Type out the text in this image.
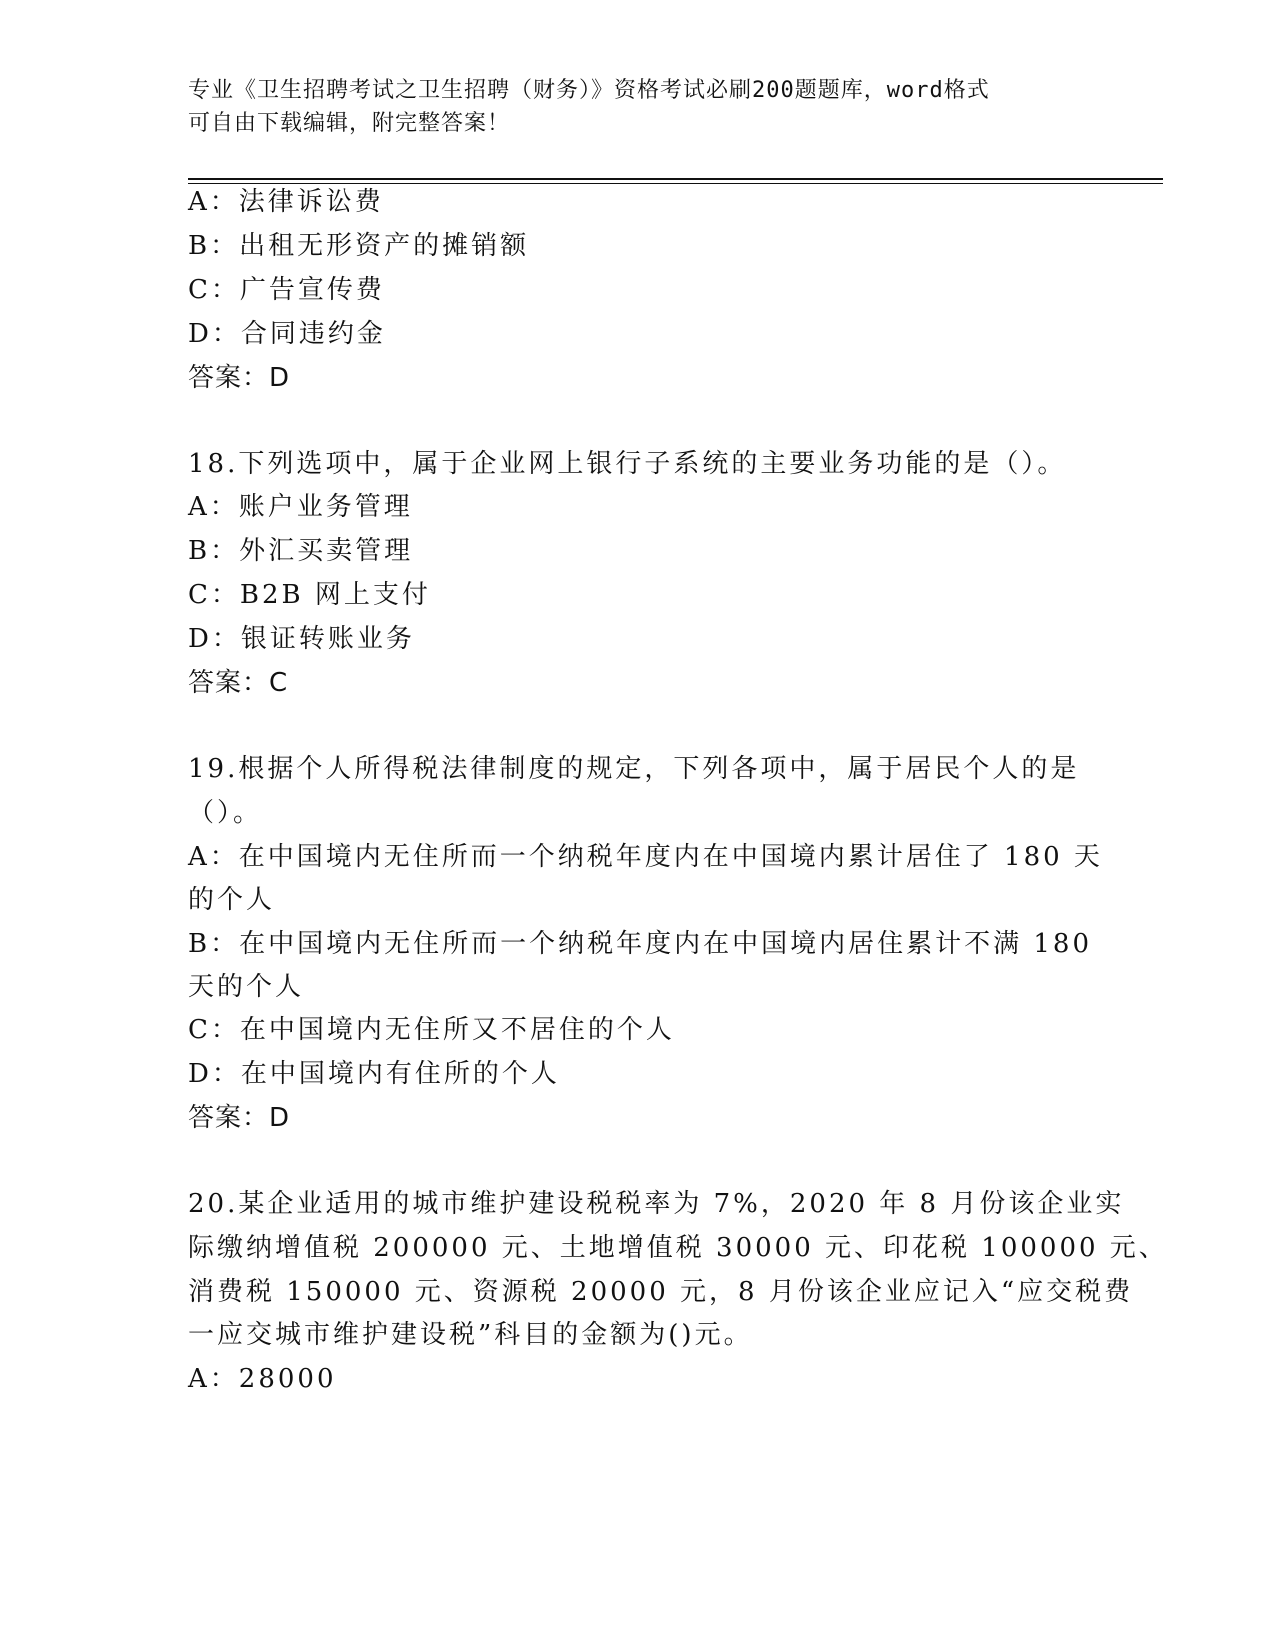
专业《卫生招聘考试之卫生招聘（财务）》资格考试必刷200题题库，word格式
可自由下载编辑，附完整答案！
A：法律诉讼费
B：出租无形资产的摊销额
C：广告宣传费
D：合同违约金
答案：D
18.下列选项中，属于企业网上银行子系统的主要业务功能的是（）。
A：账户业务管理
B：外汇买卖管理
C：B2B 网上支付
D：银证转账业务
答案：C
19.根据个人所得税法律制度的规定，下列各项中，属于居民个人的是
（）。
A：在中国境内无住所而一个纳税年度内在中国境内累计居住了 180 天
的个人
B：在中国境内无住所而一个纳税年度内在中国境内居住累计不满 180
天的个人
C：在中国境内无住所又不居住的个人
D：在中国境内有住所的个人
答案：D
20.某企业适用的城市维护建设税税率为 7%，2020 年 8 月份该企业实
际缴纳增值税 200000 元、土地增值税 30000 元、印花税 100000 元、
消费税 150000 元、资源税 20000 元，8 月份该企业应记入“应交税费
一应交城市维护建设税”科目的金额为()元。
A：28000
